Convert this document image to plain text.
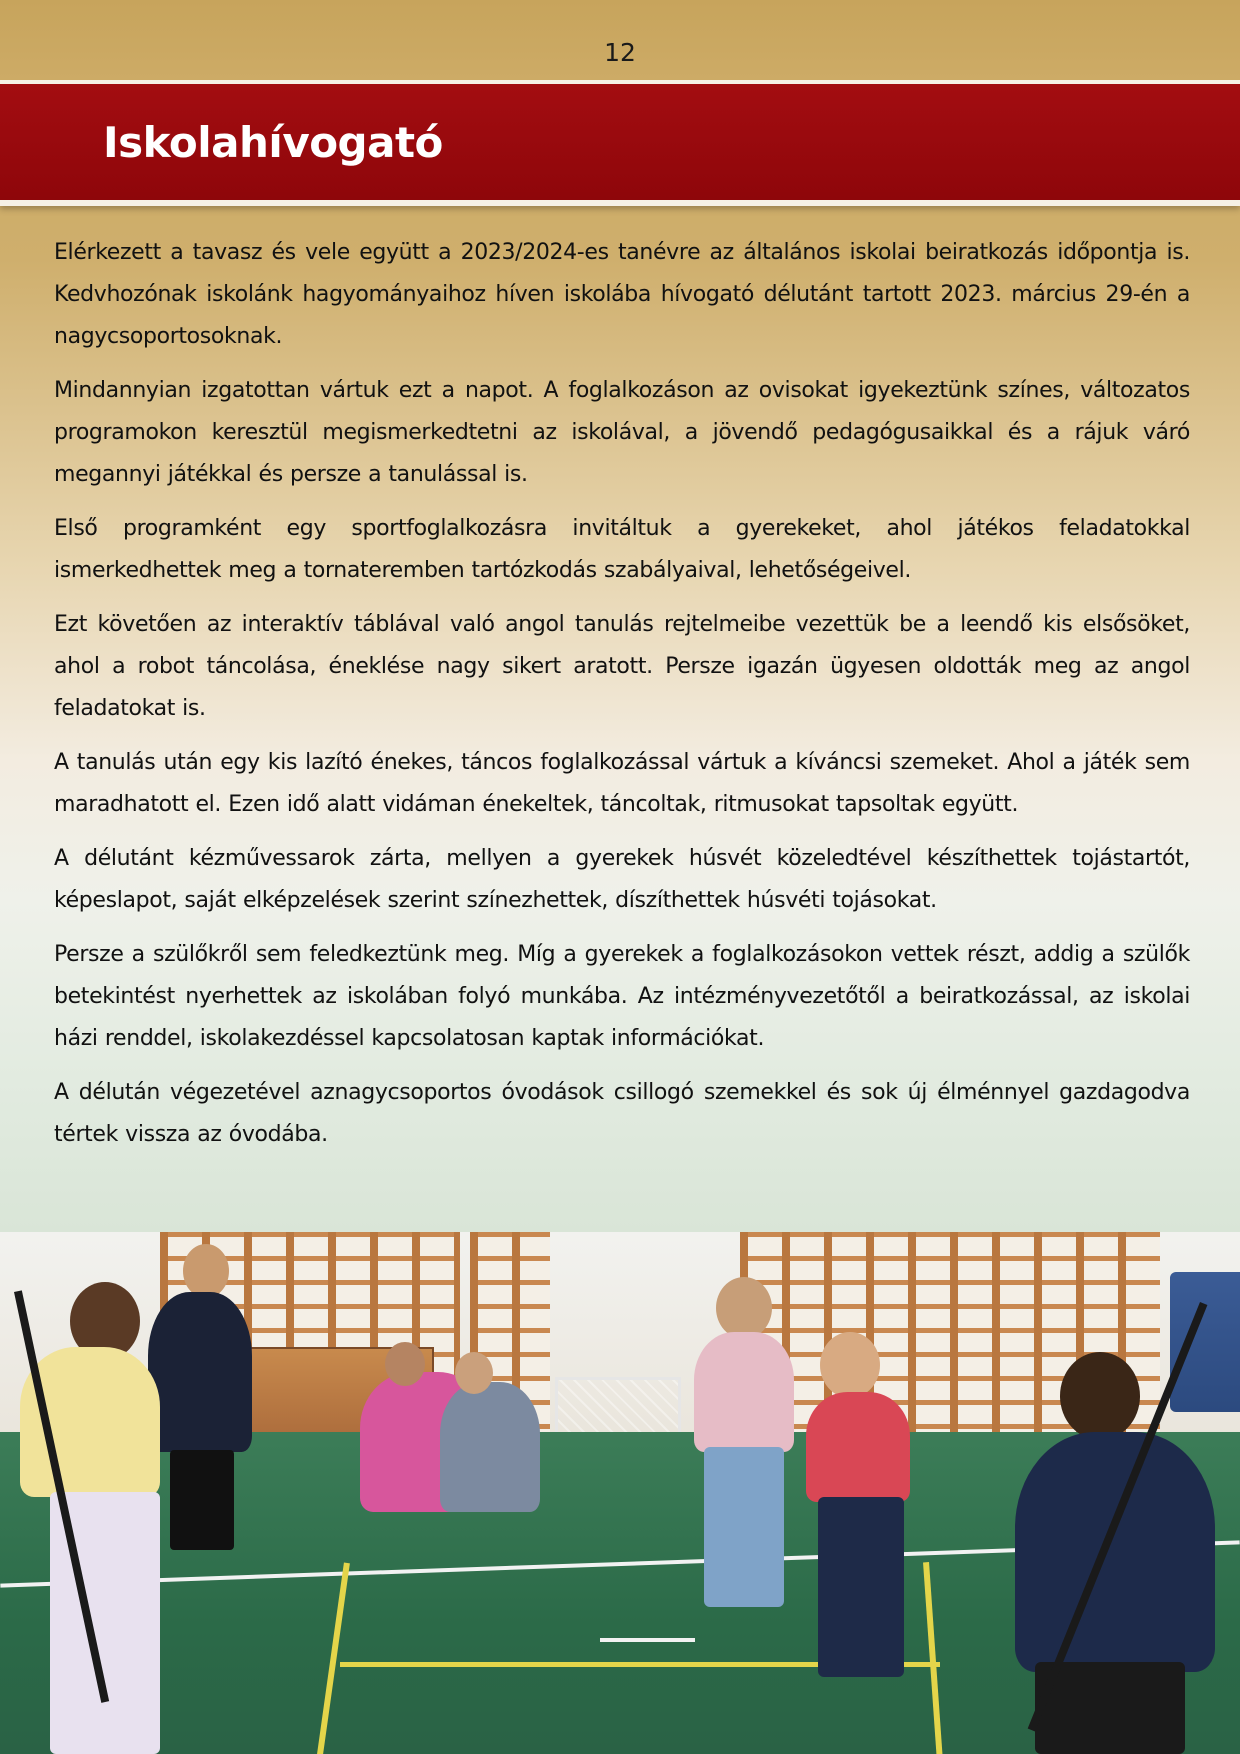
12
Iskolahívogató

Elérkezett a tavasz és vele együtt a 2023/2024-es tanévre az általános iskolai beiratkozás időpontja is. Kedvhozónak iskolánk hagyományaihoz híven iskolába hívogató délutánt tartott 2023. március 29-én a nagycsoportosoknak.

Mindannyian izgatottan vártuk ezt a napot. A foglalkozáson az ovisokat igyekeztünk színes, változatos programokon keresztül megismerkedtetni az iskolával, a jövendő pedagógusaikkal és a rájuk váró megannyi játékkal és persze a tanulással is.

Első programként egy sportfoglalkozásra invitáltuk a gyerekeket, ahol játékos feladatokkal ismerkedhettek meg a tornateremben tartózkodás szabályaival, lehetőségeivel.

Ezt követően az interaktív táblával való angol tanulás rejtelmeibe vezettük be a leendő kis elsősöket, ahol a robot táncolása, éneklése nagy sikert aratott. Persze igazán ügyesen oldották meg az angol feladatokat is.

A tanulás után egy kis lazító énekes, táncos foglalkozással vártuk a kíváncsi szemeket. Ahol a játék sem maradhatott el. Ezen idő alatt vidáman énekeltek, táncoltak, ritmusokat tapsoltak együtt.

A délutánt kézművessarok zárta, mellyen a gyerekek húsvét közeledtével készíthettek tojástartót, képeslapot, saját elképzelések szerint színezhettek, díszíthettek húsvéti tojásokat.

Persze a szülőkről sem feledkeztünk meg. Míg a gyerekek a foglalkozásokon vettek részt, addig a szülők betekintést nyerhettek az iskolában folyó munkába. Az intézményvezetőtől a beiratkozással, az iskolai házi renddel, iskolakezdéssel kapcsolatosan kaptak információkat.

A délután végezetével aznagycsoportos óvodások csillogó szemekkel és sok új élménnyel gazdagodva tértek vissza az óvodába.
